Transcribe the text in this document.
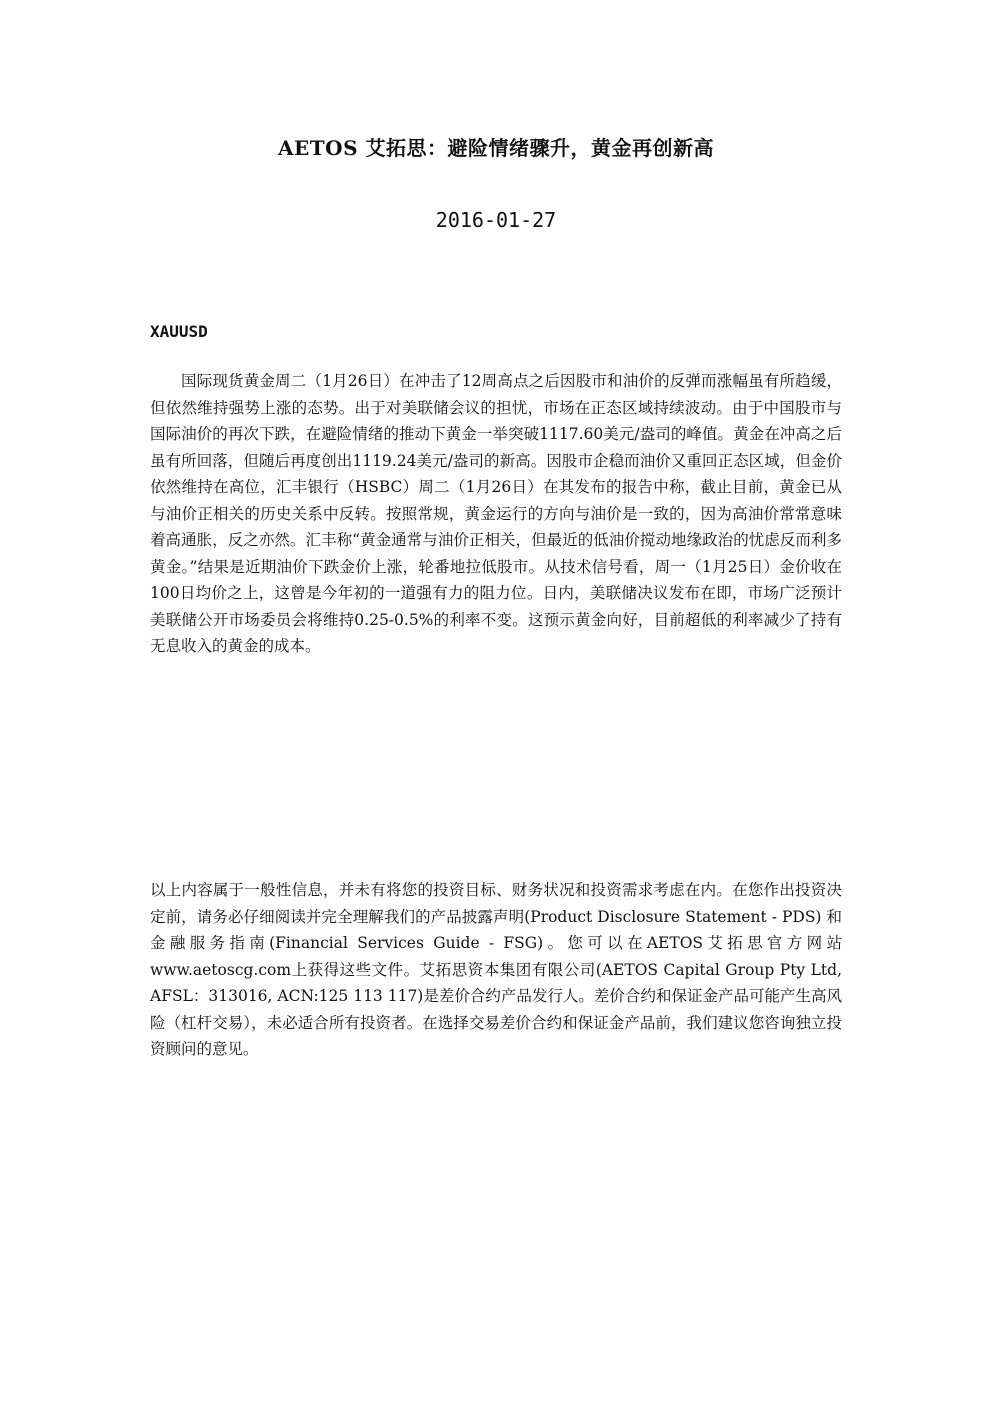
AETOS 艾拓思：避险情绪骤升，黄金再创新高
2016-01-27
XAUUSD

国际现货黄金周二（1月26日）在冲击了12周高点之后因股市和油价的反弹而涨幅虽有所趋缓，但依然维持强势上涨的态势。出于对美联储会议的担忧，市场在正态区域持续波动。由于中国股市与国际油价的再次下跌，在避险情绪的推动下黄金一举突破1117.60美元/盎司的峰值。黄金在冲高之后虽有所回落，但随后再度创出1119.24美元/盎司的新高。因股市企稳而油价又重回正态区域，但金价依然维持在高位，汇丰银行（HSBC）周二（1月26日）在其发布的报告中称，截止目前，黄金已从与油价正相关的历史关系中反转。按照常规，黄金运行的方向与油价是一致的，因为高油价常常意味着高通胀，反之亦然。汇丰称“黄金通常与油价正相关，但最近的低油价搅动地缘政治的忧虑反而利多黄金。”结果是近期油价下跌金价上涨，轮番地拉低股市。从技术信号看，周一（1月25日）金价收在100日均价之上，这曾是今年初的一道强有力的阻力位。日内，美联储决议发布在即，市场广泛预计美联储公开市场委员会将维持0.25-0.5%的利率不变。这预示黄金向好，目前超低的利率减少了持有无息收入的黄金的成本。

以上内容属于一般性信息，并未有将您的投资目标、财务状况和投资需求考虑在内。在您作出投资决定前，请务必仔细阅读并完全理解我们的产品披露声明(Product Disclosure Statement - PDS) 和金融服务指南(Financial Services Guide - FSG)。您可以在AETOS艾拓思官方网站www.aetoscg.com上获得这些文件。艾拓思资本集团有限公司(AETOS Capital Group Pty Ltd, AFSL：313016, ACN:125 113 117)是差价合约产品发行人。差价合约和保证金产品可能产生高风险（杠杆交易），未必适合所有投资者。在选择交易差价合约和保证金产品前，我们建议您咨询独立投资顾问的意见。
